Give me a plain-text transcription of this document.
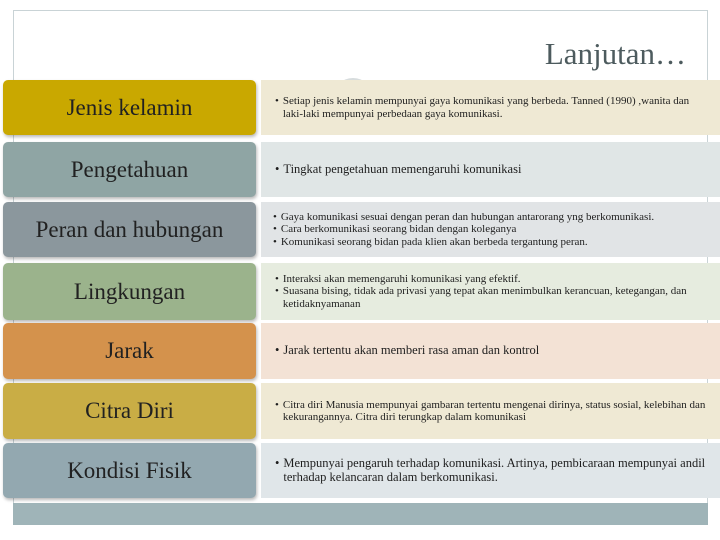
Lanjutan…
Jenis kelamin	• Setiap jenis kelamin mempunyai gaya komunikasi yang berbeda. Tanned (1990) ,wanita dan laki-laki mempunyai perbedaan gaya komunikasi.
Pengetahuan	• Tingkat pengetahuan memengaruhi komunikasi
Peran dan hubungan	• Gaya komunikasi sesuai dengan peran dan hubungan antarorang yng berkomunikasi.
• Cara berkomunikasi seorang bidan dengan koleganya
• Komunikasi seorang bidan pada klien akan berbeda tergantung peran.
Lingkungan	• Interaksi akan memengaruhi komunikasi yang efektif.
• Suasana bising, tidak ada privasi yang tepat akan menimbulkan kerancuan, ketegangan, dan ketidaknyamanan
Jarak	• Jarak tertentu akan memberi rasa aman dan kontrol
Citra Diri	• Citra diri Manusia mempunyai gambaran tertentu mengenai dirinya, status sosial, kelebihan dan kekurangannya. Citra diri terungkap dalam komunikasi
Kondisi Fisik	• Mempunyai pengaruh terhadap komunikasi. Artinya, pembicaraan mempunyai andil terhadap kelancaran dalam berkomunikasi.
